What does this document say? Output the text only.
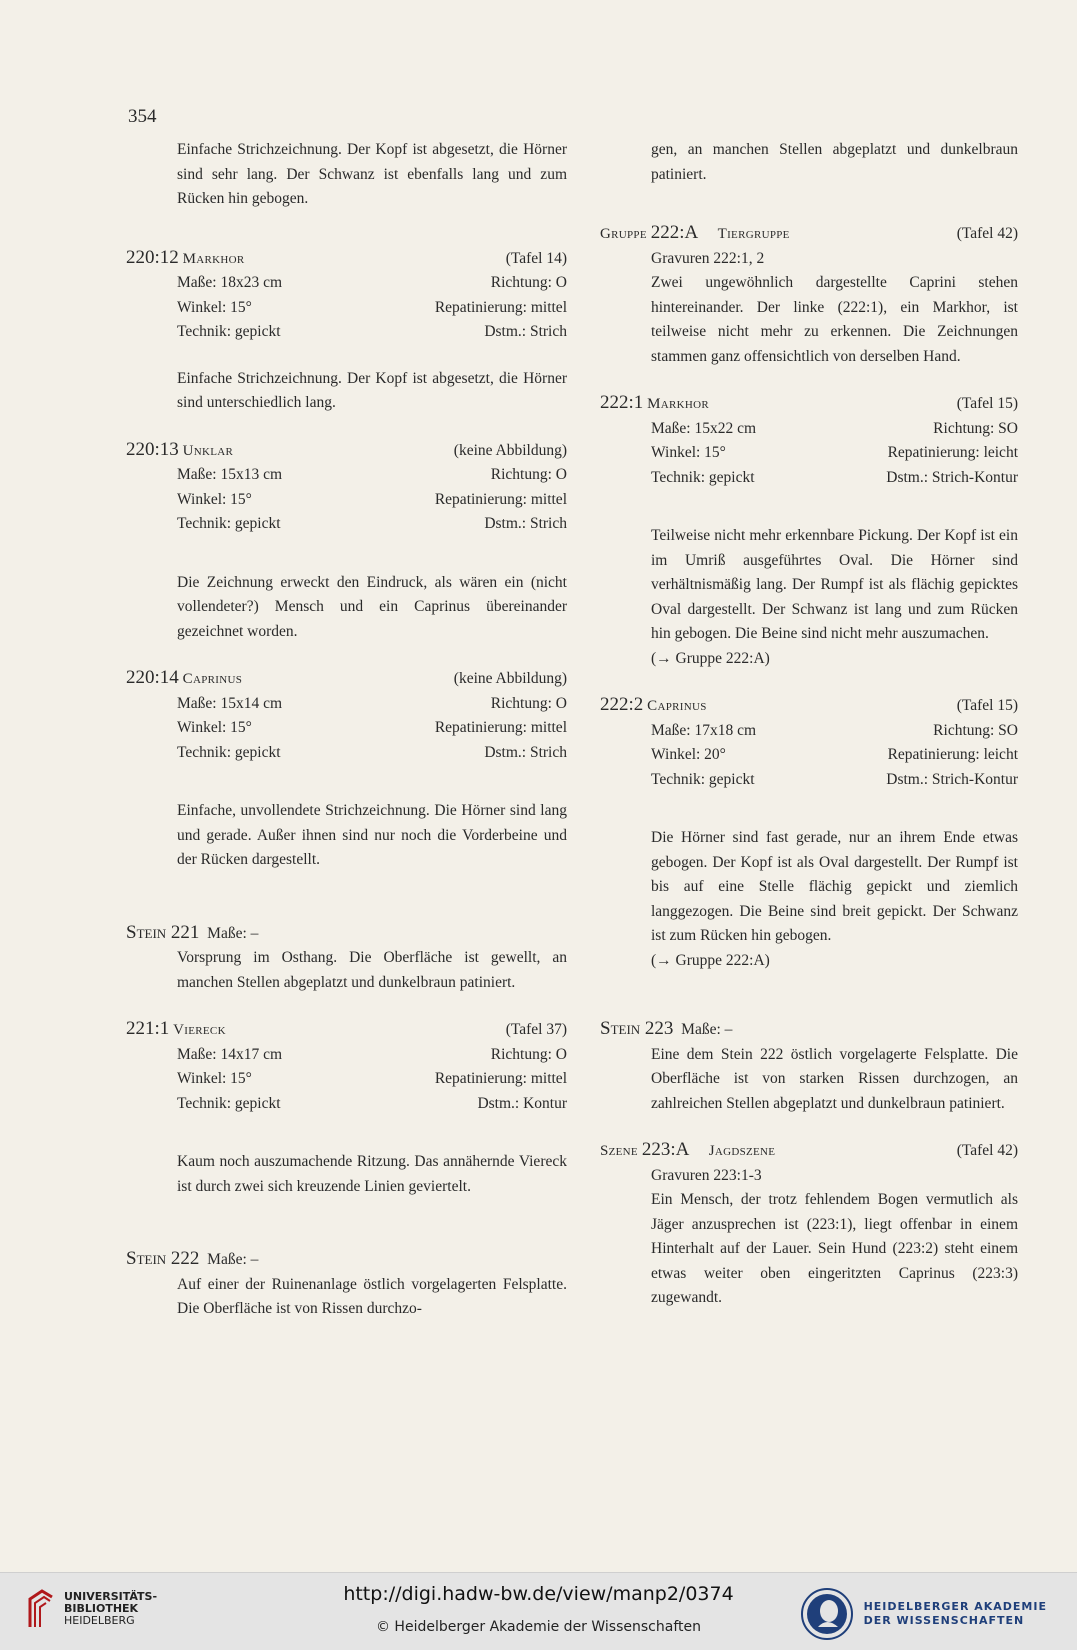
354

Einfache Strichzeichnung. Der Kopf ist abgesetzt, die Hörner sind sehr lang. Der Schwanz ist ebenfalls lang und zum Rücken hin gebogen.

220:12
Markhor	(Tafel 14)
Maße: 18x23 cm	Richtung: O
Winkel: 15°	Repatinierung: mittel
Technik: gepickt	Dstm.: Strich

Einfache Strichzeichnung. Der Kopf ist abgesetzt, die Hörner sind unterschiedlich lang.

220:13
Unklar	(keine Abbildung)
Maße: 15x13 cm	Richtung: O
Winkel: 15°	Repatinierung: mittel
Technik: gepickt	Dstm.: Strich

Die Zeichnung erweckt den Eindruck, als wären ein (nicht vollendeter?) Mensch und ein Caprinus übereinander gezeichnet worden.

220:14
Caprinus	(keine Abbildung)
Maße: 15x14 cm	Richtung: O
Winkel: 15°	Repatinierung: mittel
Technik: gepickt	Dstm.: Strich

Einfache, unvollendete Strichzeichnung. Die Hörner sind lang und gerade. Außer ihnen sind nur noch die Vorderbeine und der Rücken dargestellt.

Stein 221 Maße: –

Vorsprung im Osthang. Die Oberfläche ist gewellt, an manchen Stellen abgeplatzt und dunkelbraun patiniert.

221:1
Viereck	(Tafel 37)
Maße: 14x17 cm	Richtung: O
Winkel: 15°	Repatinierung: mittel
Technik: gepickt	Dstm.: Kontur

Kaum noch auszumachende Ritzung. Das annähernde Viereck ist durch zwei sich kreuzende Linien geviertelt.

Stein 222 Maße: –

Auf einer der Ruinenanlage östlich vorgelagerten Felsplatte. Die Oberfläche ist von Rissen durchzo-

gen, an manchen Stellen abgeplatzt und dunkelbraun patiniert.

Gruppe
222:A
Tiergruppe	(Tafel 42)
Gravuren 222:1, 2

Zwei ungewöhnlich dargestellte Caprini stehen hintereinander. Der linke (222:1), ein Markhor, ist teilweise nicht mehr zu erkennen. Die Zeichnungen stammen ganz offensichtlich von derselben Hand.

222:1
Markhor	(Tafel 15)
Maße: 15x22 cm	Richtung: SO
Winkel: 15°	Repatinierung: leicht
Technik: gepickt	Dstm.: Strich-Kontur

Teilweise nicht mehr erkennbare Pickung. Der Kopf ist ein im Umriß ausgeführtes Oval. Die Hörner sind verhältnismäßig lang. Der Rumpf ist als flächig gepicktes Oval dargestellt. Der Schwanz ist lang und zum Rücken hin gebogen. Die Beine sind nicht mehr auszumachen.

(→ Gruppe 222:A)
222:2
Caprinus	(Tafel 15)
Maße: 17x18 cm	Richtung: SO
Winkel: 20°	Repatinierung: leicht
Technik: gepickt	Dstm.: Strich-Kontur

Die Hörner sind fast gerade, nur an ihrem Ende etwas gebogen. Der Kopf ist als Oval dargestellt. Der Rumpf ist bis auf eine Stelle flächig gepickt und ziemlich langgezogen. Die Beine sind breit gepickt. Der Schwanz ist zum Rücken hin gebogen.

(→ Gruppe 222:A)
Stein 223 Maße: –

Eine dem Stein 222 östlich vorgelagerte Felsplatte. Die Oberfläche ist von starken Rissen durchzogen, an zahlreichen Stellen abgeplatzt und dunkelbraun patiniert.

Szene
223:A
Jagdszene	(Tafel 42)
Gravuren 223:1-3

Ein Mensch, der trotz fehlendem Bogen vermutlich als Jäger anzusprechen ist (223:1), liegt offenbar in einem Hinterhalt auf der Lauer. Sein Hund (223:2) steht einem etwas weiter oben eingeritzten Caprinus (223:3) zugewandt.

UNIVERSITÄTS-
BIBLIOTHEK
HEIDELBERG
http://digi.hadw-bw.de/view/manp2/0374
© Heidelberger Akademie der Wissenschaften
HEIDELBERGER AKADEMIE
DER WISSENSCHAFTEN
